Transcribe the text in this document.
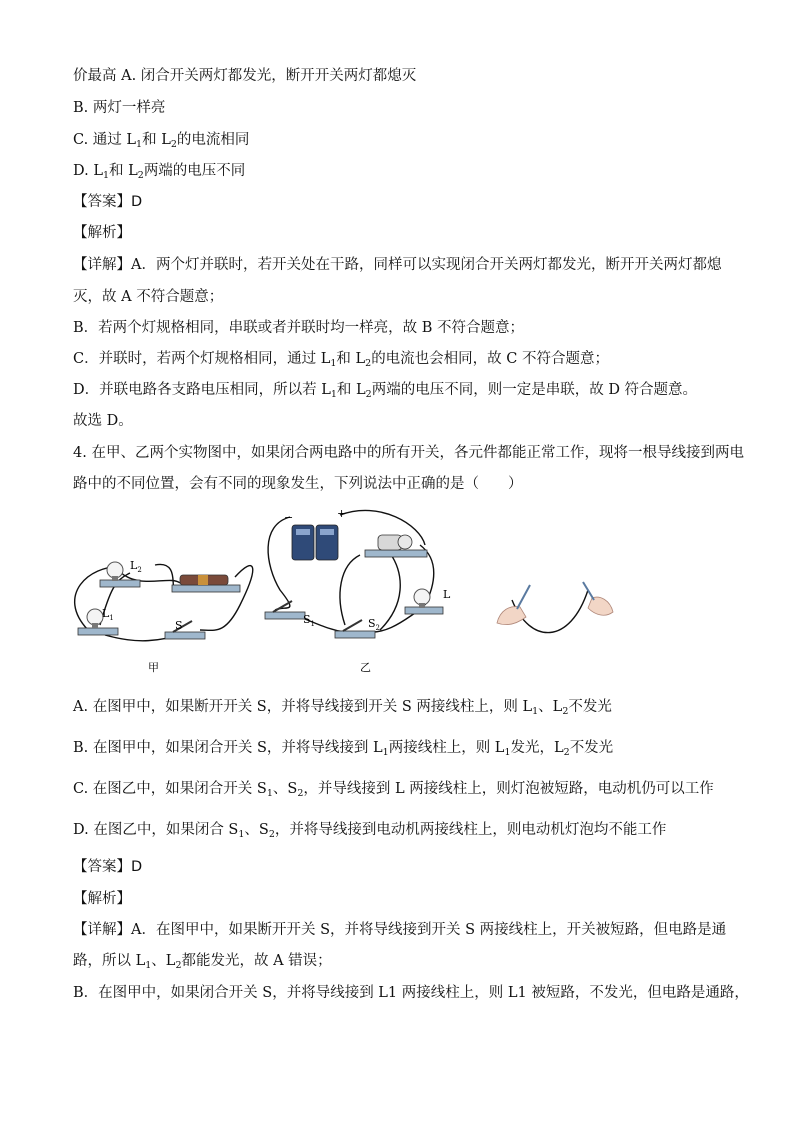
价最高 A. 闭合开关两灯都发光，断开开关两灯都熄灭
B. 两灯一样亮
C. 通过 $L_1$和 $L_2$的电流相同
D. $L_1$和 $L_2$两端的电压不同
【答案】D
【解析】
【详解】A．两个灯并联时，若开关处在干路，同样可以实现闭合开关两灯都发光，断开开关两灯都熄
灭，故 A 不符合题意；
B．若两个灯规格相同，串联或者并联时均一样亮，故 B 不符合题意；
C．并联时，若两个灯规格相同，通过 $L_1$和 $L_2$的电流也会相同，故 C 不符合题意；
D．并联电路各支路电压相同，所以若 $L_1$和 $L_2$两端的电压不同，则一定是串联，故 D 符合题意。
故选 D。
4. 在甲、乙两个实物图中，如果闭合两电路中的所有开关，各元件都能正常工作，现将一根导线接到两电
路中的不同位置，会有不同的现象发生，下列说法中正确的是（　　）
$L_2$
$L_1$
S
甲
−	+
$S_1$	$S_2$
L
乙
A. 在图甲中，如果断开开关 S，并将导线接到开关 S 两接线柱上，则 $L_1$、$L_2$不发光
B. 在图甲中，如果闭合开关 S，并将导线接到 $L_1$两接线柱上，则 $L_1$发光，$L_2$不发光
C. 在图乙中，如果闭合开关 $S_1$、$S_2$，并导线接到 L 两接线柱上，则灯泡被短路，电动机仍可以工作
D. 在图乙中，如果闭合 $S_1$、$S_2$，并将导线接到电动机两接线柱上，则电动机灯泡均不能工作
【答案】D
【解析】
【详解】A．在图甲中，如果断开开关 S，并将导线接到开关 S 两接线柱上，开关被短路，但电路是通
路，所以 $L_1$、$L_2$都能发光，故 A 错误；
B．在图甲中，如果闭合开关 S，并将导线接到 L1 两接线柱上，则 L1 被短路，不发光，但电路是通路，
